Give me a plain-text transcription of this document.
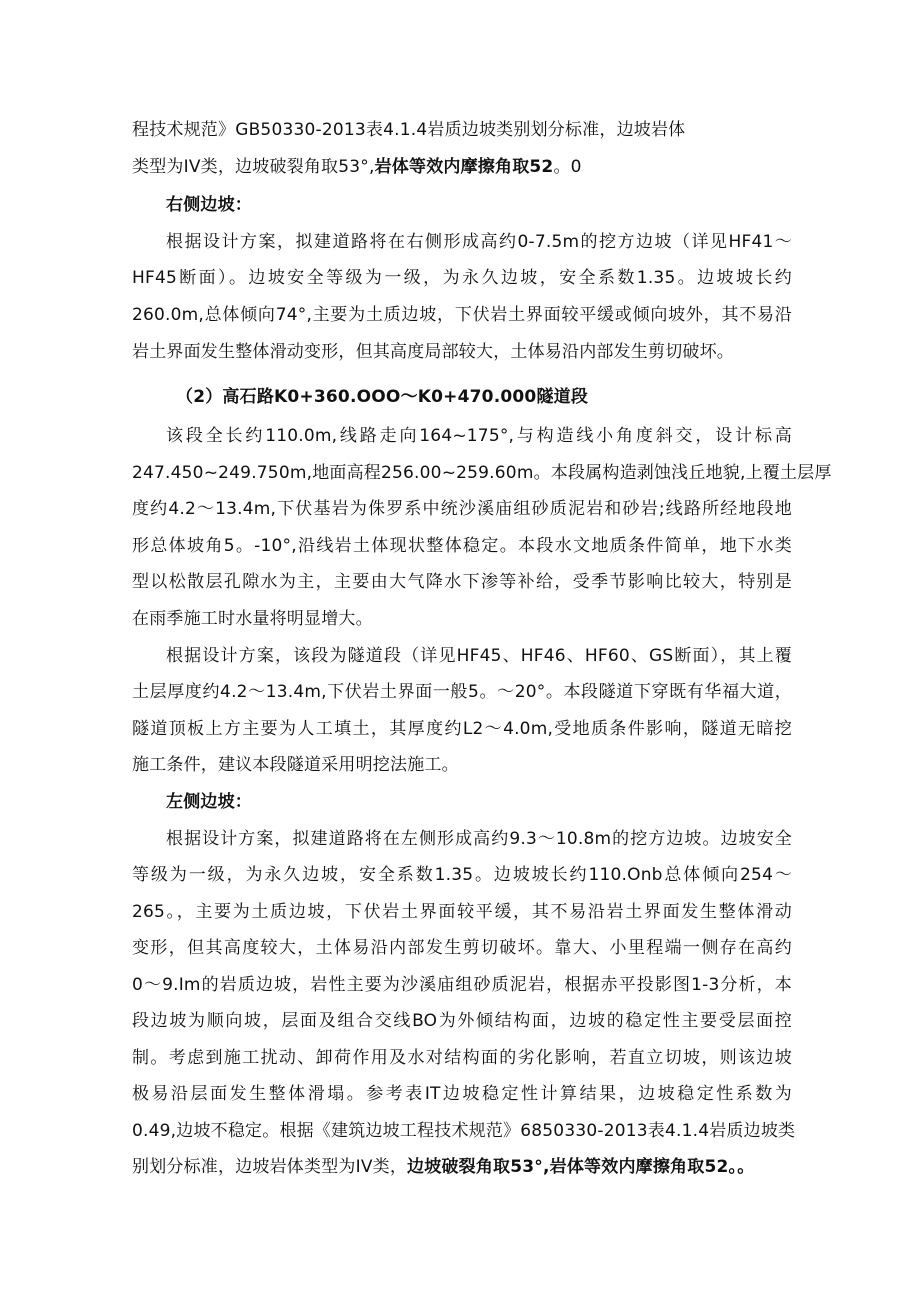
程技术规范》GB50330-2013表4.1.4岩质边坡类别划分标准，边坡岩体
类型为IV类，边坡破裂角取53°,岩体等效内摩擦角取52。0
右侧边坡：
根据设计方案，拟建道路将在右侧形成高约0-7.5m的挖方边坡（详见HF41～
HF45断面）。边坡安全等级为一级，为永久边坡，安全系数1.35。边坡坡长约
260.0m,总体倾向74°,主要为土质边坡，下伏岩土界面较平缓或倾向坡外，其不易沿
岩土界面发生整体滑动变形，但其高度局部较大，土体易沿内部发生剪切破坏。
（2）高石路K0+360.OOO～K0+470.000隧道段
该段全长约110.0m,线路走向164~175°,与构造线小角度斜交，设计标高
247.450~249.750m,地面高程256.00~259.60m。本段属构造剥蚀浅丘地貌,上覆土层厚
度约4.2～13.4m,下伏基岩为侏罗系中统沙溪庙组砂质泥岩和砂岩;线路所经地段地
形总体坡角5。-10°,沿线岩土体现状整体稳定。本段水文地质条件简单，地下水类
型以松散层孔隙水为主，主要由大气降水下渗等补给，受季节影响比较大，特别是
在雨季施工时水量将明显增大。
根据设计方案，该段为隧道段（详见HF45、HF46、HF60、GS断面），其上覆
土层厚度约4.2～13.4m,下伏岩土界面一般5。～20°。本段隧道下穿既有华福大道，
隧道顶板上方主要为人工填土，其厚度约L2～4.0m,受地质条件影响，隧道无暗挖
施工条件，建议本段隧道采用明挖法施工。
左侧边坡：
根据设计方案，拟建道路将在左侧形成高约9.3～10.8m的挖方边坡。边坡安全
等级为一级，为永久边坡，安全系数1.35。边坡坡长约110.Onb总体倾向254～
265。，主要为土质边坡，下伏岩土界面较平缓，其不易沿岩土界面发生整体滑动
变形，但其高度较大，土体易沿内部发生剪切破坏。靠大、小里程端一侧存在高约
0～9.Im的岩质边坡，岩性主要为沙溪庙组砂质泥岩，根据赤平投影图1-3分析，本
段边坡为顺向坡，层面及组合交线BO为外倾结构面，边坡的稳定性主要受层面控
制。考虑到施工扰动、卸荷作用及水对结构面的劣化影响，若直立切坡，则该边坡
极易沿层面发生整体滑塌。参考表IT边坡稳定性计算结果，边坡稳定性系数为
0.49,边坡不稳定。根据《建筑边坡工程技术规范》6850330-2013表4.1.4岩质边坡类
别划分标准，边坡岩体类型为IV类，边坡破裂角取53°,岩体等效内摩擦角取52。。
